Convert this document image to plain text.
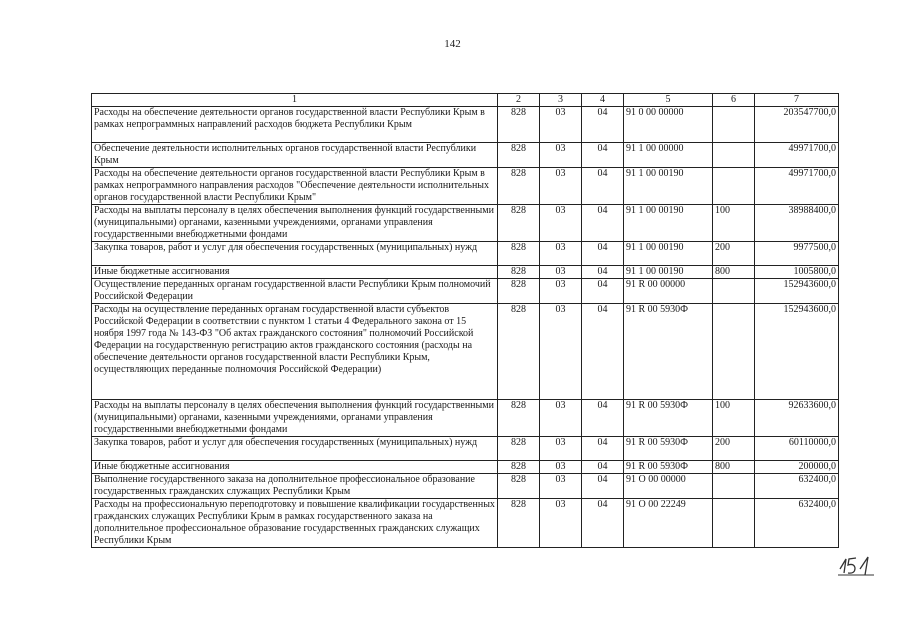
142
1	2	3	4	5	6	7
Расходы на обеспечение деятельности органов государственной власти Республики Крым в рамках непрограммных направлений расходов бюджета Республики Крым	828	03	04	91 0 00 00000		203547700,0
Обеспечение деятельности исполнительных органов государственной власти Республики Крым	828	03	04	91 1 00 00000		49971700,0
Расходы на обеспечение деятельности органов государственной власти Республики Крым в рамках непрограммного направления расходов "Обеспечение деятельности исполнительных органов государственной власти Республики Крым"	828	03	04	91 1 00 00190		49971700,0
Расходы на выплаты персоналу в целях обеспечения выполнения функций государственными (муниципальными) органами, казенными учреждениями, органами управления государственными внебюджетными фондами	828	03	04	91 1 00 00190	100	38988400,0
Закупка товаров, работ и услуг для обеспечения государственных (муниципальных) нужд	828	03	04	91 1 00 00190	200	9977500,0
Иные бюджетные ассигнования	828	03	04	91 1 00 00190	800	1005800,0
Осуществление переданных органам государственной власти Республики Крым полномочий Российской Федерации	828	03	04	91 R 00 00000		152943600,0
Расходы на осуществление переданных органам государственной власти субъектов Российской Федерации в соответствии с пунктом 1 статьи 4 Федерального закона от 15 ноября 1997 года № 143-ФЗ "Об актах гражданского состояния" полномочий Российской Федерации на государственную регистрацию актов гражданского состояния (расходы на обеспечение деятельности органов государственной власти Республики Крым, осуществляющих переданные полномочия Российской Федерации)	828	03	04	91 R 00 5930Ф		152943600,0
Расходы на выплаты персоналу в целях обеспечения выполнения функций государственными (муниципальными) органами, казенными учреждениями, органами управления государственными внебюджетными фондами	828	03	04	91 R 00 5930Ф	100	92633600,0
Закупка товаров, работ и услуг для обеспечения государственных (муниципальных) нужд	828	03	04	91 R 00 5930Ф	200	60110000,0
Иные бюджетные ассигнования	828	03	04	91 R 00 5930Ф	800	200000,0
Выполнение государственного заказа на дополнительное профессиональное образование государственных гражданских служащих Республики Крым	828	03	04	91 О 00 00000		632400,0
Расходы на профессиональную переподготовку и повышение квалификации государственных гражданских служащих Республики Крым в рамках государственного заказа на дополнительное профессиональное образование государственных гражданских служащих Республики Крым	828	03	04	91 О 00 22249		632400,0
